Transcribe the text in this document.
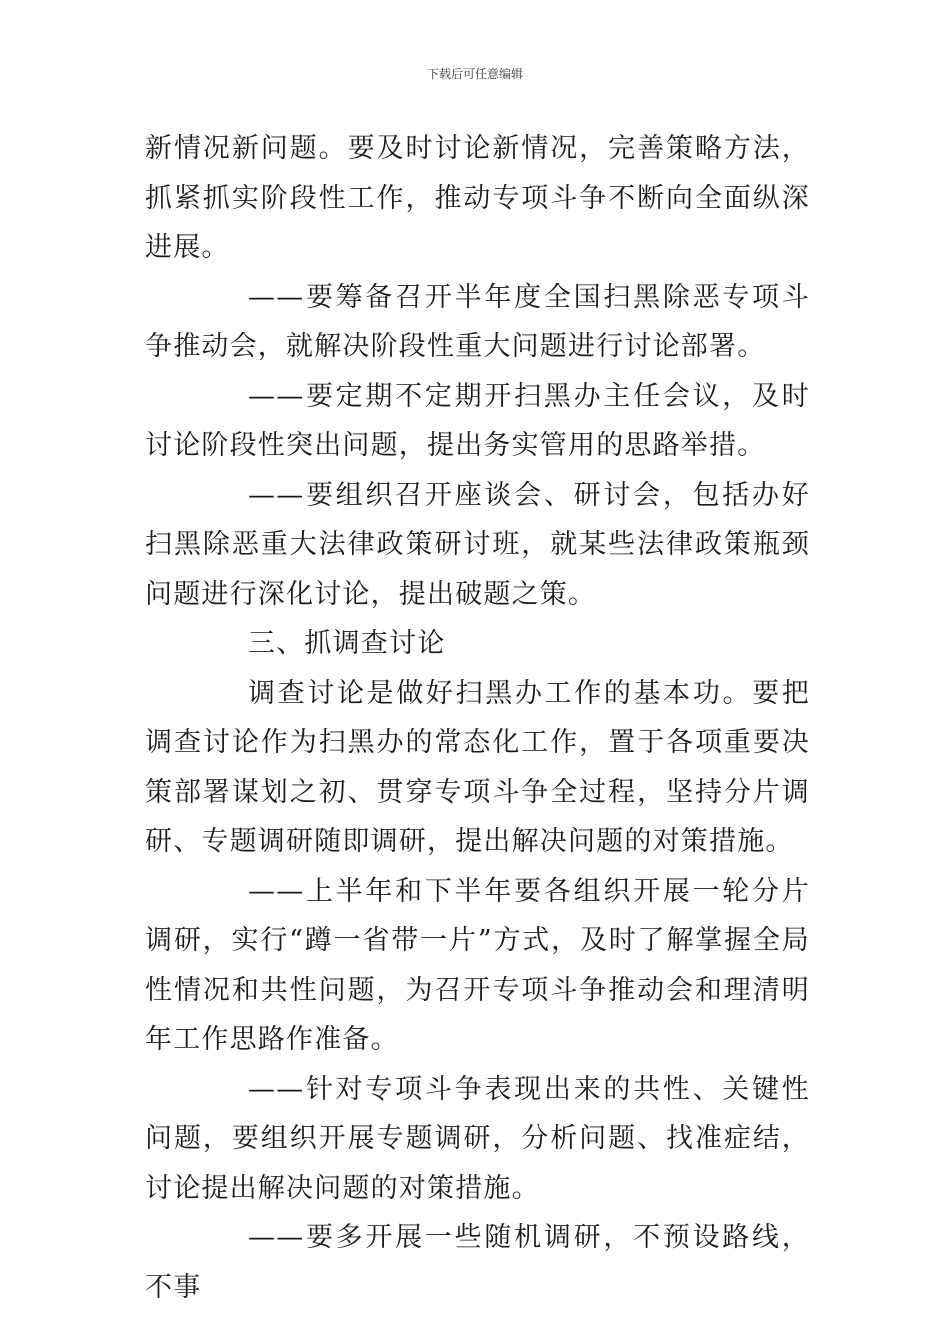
下载后可任意编辑

新情况新问题。要及时讨论新情况，完善策略方法，抓紧抓实阶段性工作，推动专项斗争不断向全面纵深进展。

——要筹备召开半年度全国扫黑除恶专项斗争推动会，就解决阶段性重大问题进行讨论部署。

——要定期不定期开扫黑办主任会议，及时讨论阶段性突出问题，提出务实管用的思路举措。

——要组织召开座谈会、研讨会，包括办好扫黑除恶重大法律政策研讨班，就某些法律政策瓶颈问题进行深化讨论，提出破题之策。

三、抓调查讨论

调查讨论是做好扫黑办工作的基本功。要把调查讨论作为扫黑办的常态化工作，置于各项重要决策部署谋划之初、贯穿专项斗争全过程，坚持分片调研、专题调研随即调研，提出解决问题的对策措施。

——上半年和下半年要各组织开展一轮分片调研，实行“蹲一省带一片”方式，及时了解掌握全局性情况和共性问题，为召开专项斗争推动会和理清明年工作思路作准备。

——针对专项斗争表现出来的共性、关键性问题，要组织开展专题调研，分析问题、找准症结，讨论提出解决问题的对策措施。

——要多开展一些随机调研，不预设路线，不事
